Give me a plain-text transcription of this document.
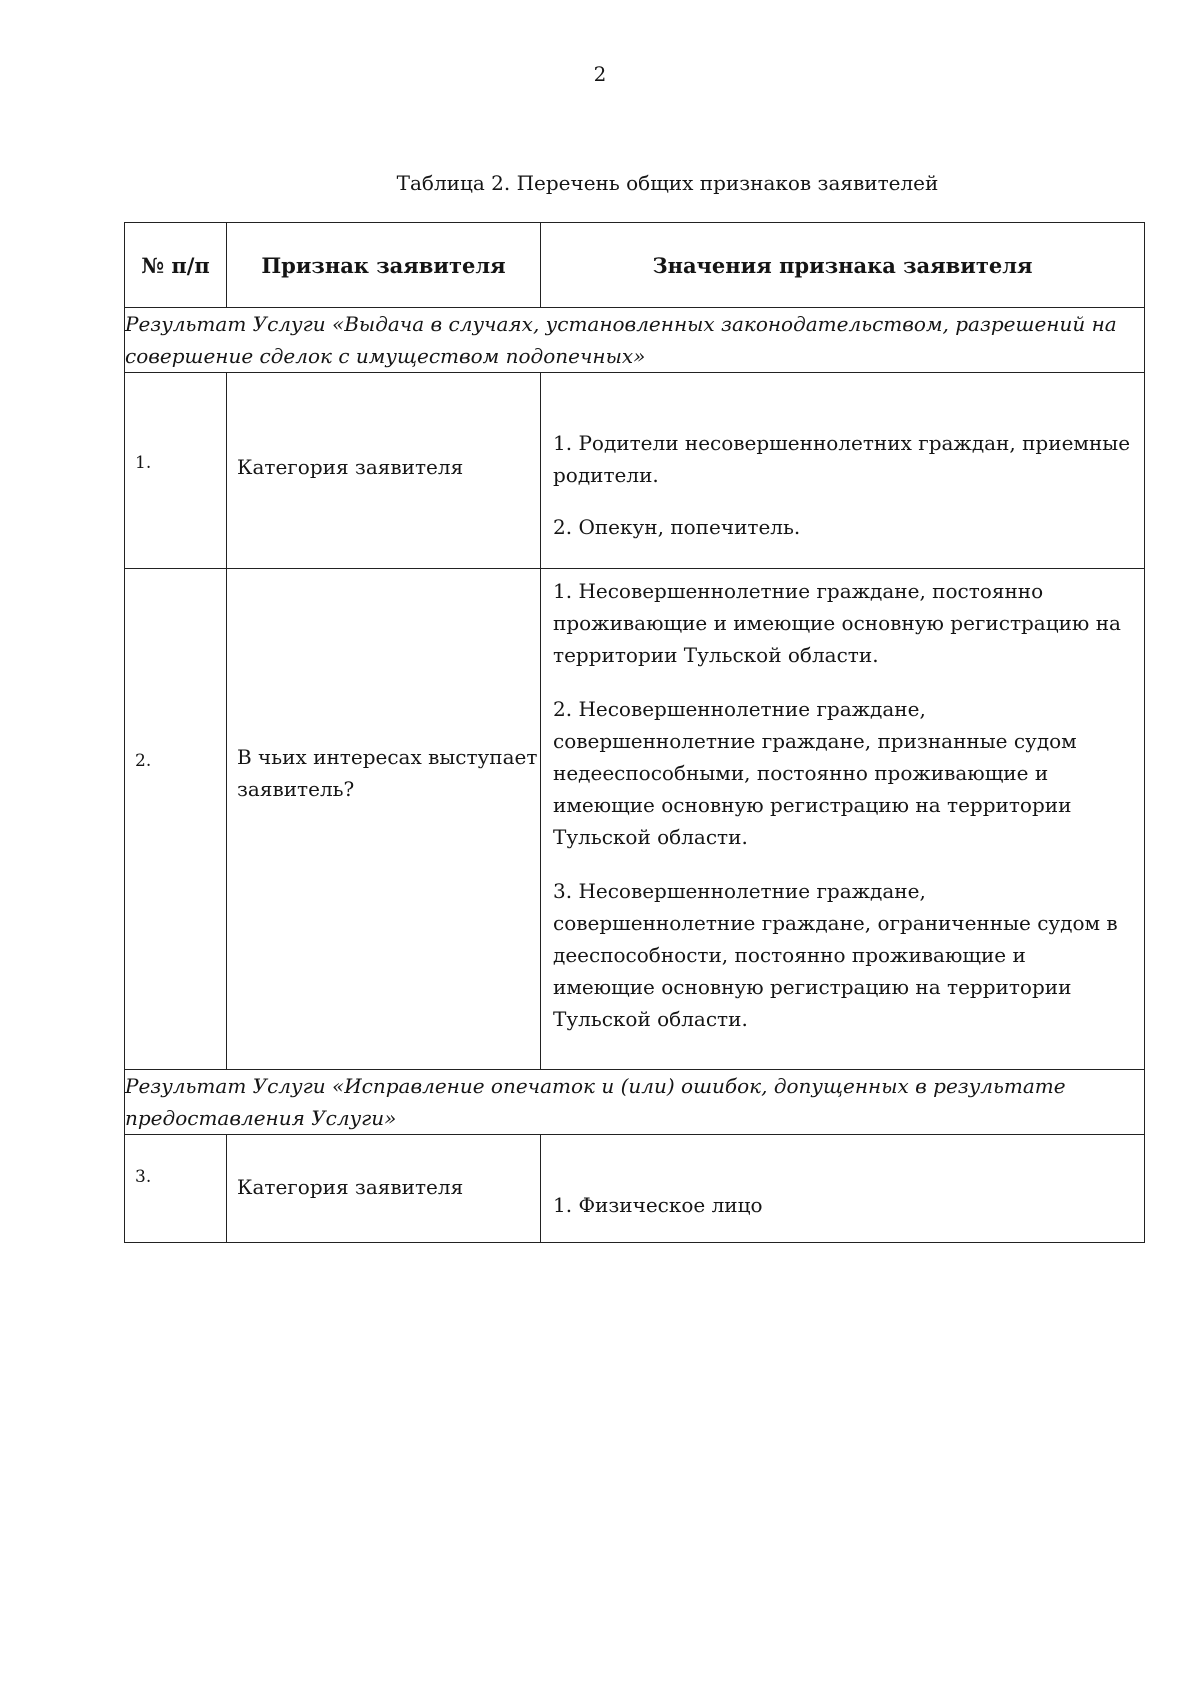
2
Таблица 2. Перечень общих признаков заявителей
№ п/п	Признак заявителя	Значения признака заявителя
Результат Услуги «Выдача в случаях, установленных законодательством, разрешений на совершение сделок с имуществом подопечных»		
1.	Категория заявителя	1. Родители несовершеннолетних граждан, приемные родители.

2. Опекун, попечитель.

2.	В чьих интересах выступает заявитель?	1. Несовершеннолетние граждане, постоянно проживающие и имеющие основную регистрацию на территории Тульской области.

2. Несовершеннолетние граждане, совершеннолетние граждане, признанные судом недееспособными, постоянно проживающие и имеющие основную регистрацию на территории Тульской области.

3. Несовершеннолетние граждане, совершеннолетние граждане, ограниченные судом в дееспособности, постоянно проживающие и имеющие основную регистрацию на территории Тульской области.

Результат Услуги «Исправление опечаток и (или) ошибок, допущенных в результате предоставления Услуги»		
3.	Категория заявителя	1. Физическое лицо
